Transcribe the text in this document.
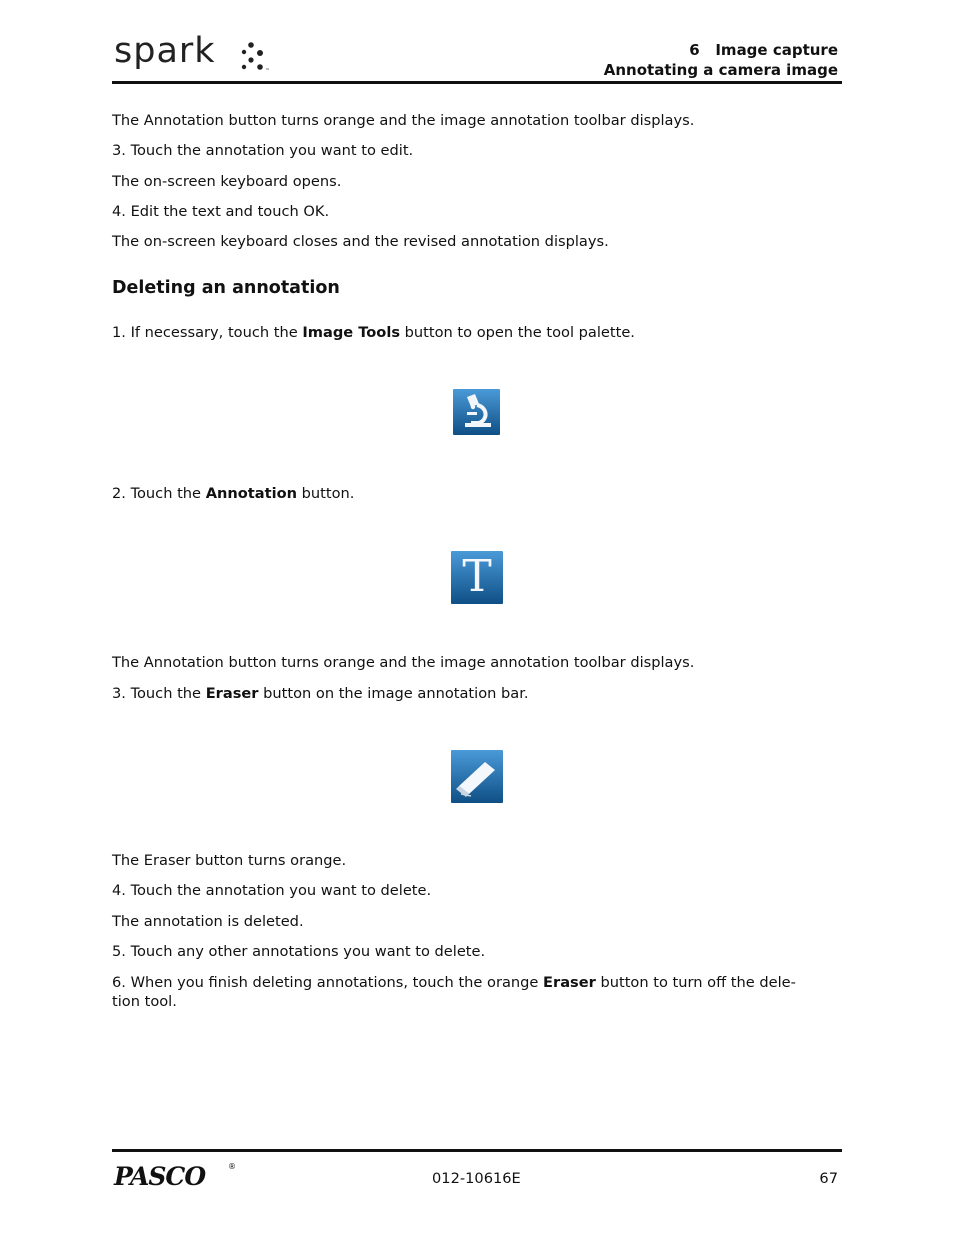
spark	™
6   Image capture
Annotating a camera image
The Annotation button turns orange and the image annotation toolbar displays.
3. Touch the annotation you want to edit.
The on-screen keyboard opens.
4. Edit the text and touch OK.
The on-screen keyboard closes and the revised annotation displays.
Deleting an annotation
1. If necessary, touch the Image Tools button to open the tool palette.
2. Touch the Annotation button.
T
The Annotation button turns orange and the image annotation toolbar displays.
3. Touch the Eraser button on the image annotation bar.
The Eraser button turns orange.
4. Touch the annotation you want to delete.
The annotation is deleted.
5. Touch any other annotations you want to delete.
6. When you finish deleting annotations, touch the orange Eraser button to turn off the dele-
tion tool.
PASCO	®
012-10616E	67
